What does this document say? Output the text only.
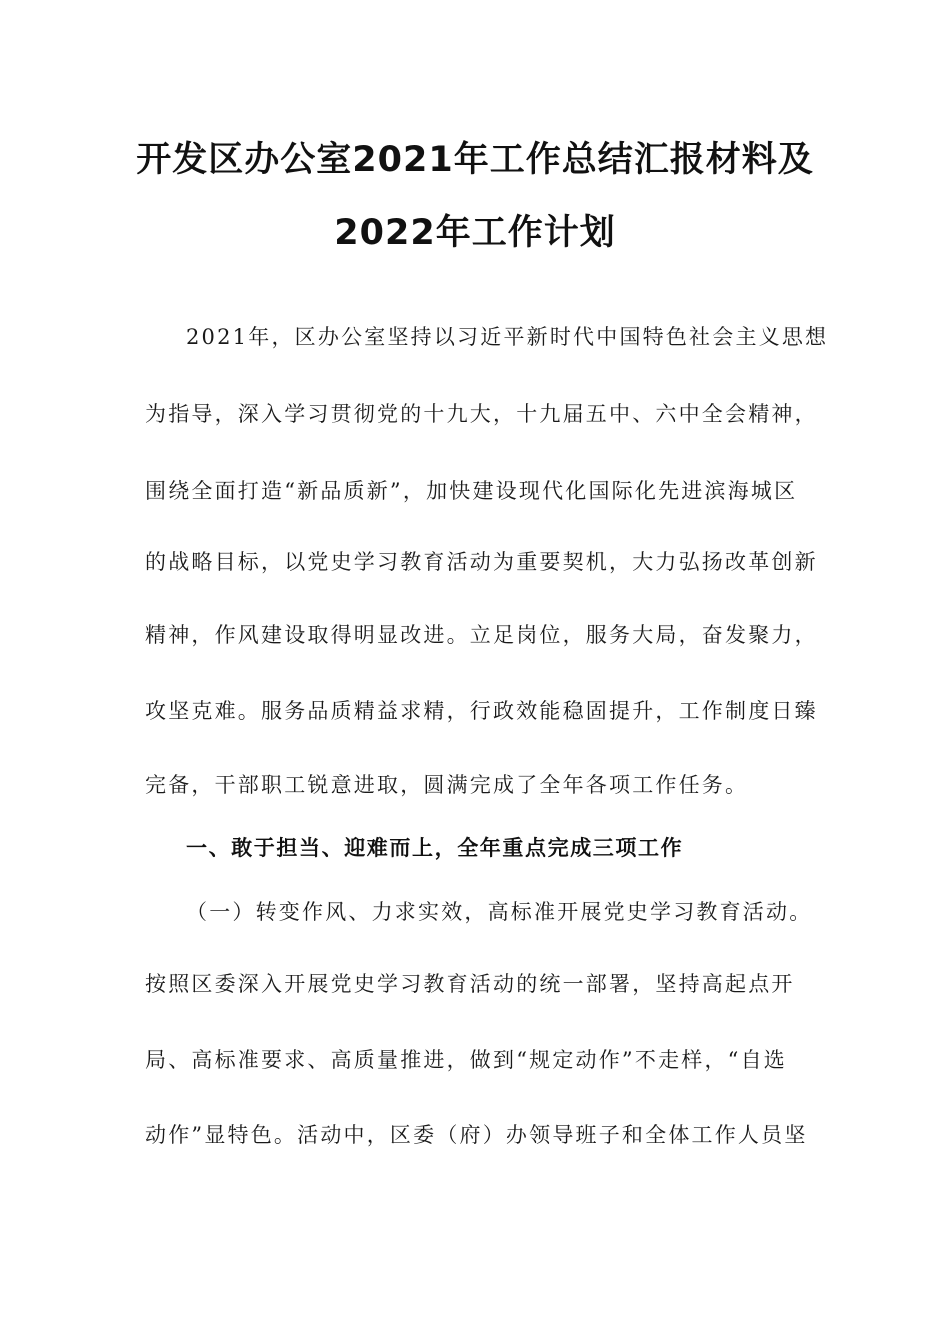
开发区办公室2021年工作总结汇报材料及
2022年工作计划
2021年，区办公室坚持以习近平新时代中国特色社会主义思想
为指导，深入学习贯彻党的十九大，十九届五中、六中全会精神，
围绕全面打造“新品质新”，加快建设现代化国际化先进滨海城区
的战略目标，以党史学习教育活动为重要契机，大力弘扬改革创新
精神，作风建设取得明显改进。立足岗位，服务大局，奋发聚力，
攻坚克难。服务品质精益求精，行政效能稳固提升，工作制度日臻
完备，干部职工锐意进取，圆满完成了全年各项工作任务。
一、敢于担当、迎难而上，全年重点完成三项工作
（一）转变作风、力求实效，高标准开展党史学习教育活动。
按照区委深入开展党史学习教育活动的统一部署，坚持高起点开
局、高标准要求、高质量推进，做到“规定动作”不走样，“自选
动作”显特色。活动中，区委（府）办领导班子和全体工作人员坚
